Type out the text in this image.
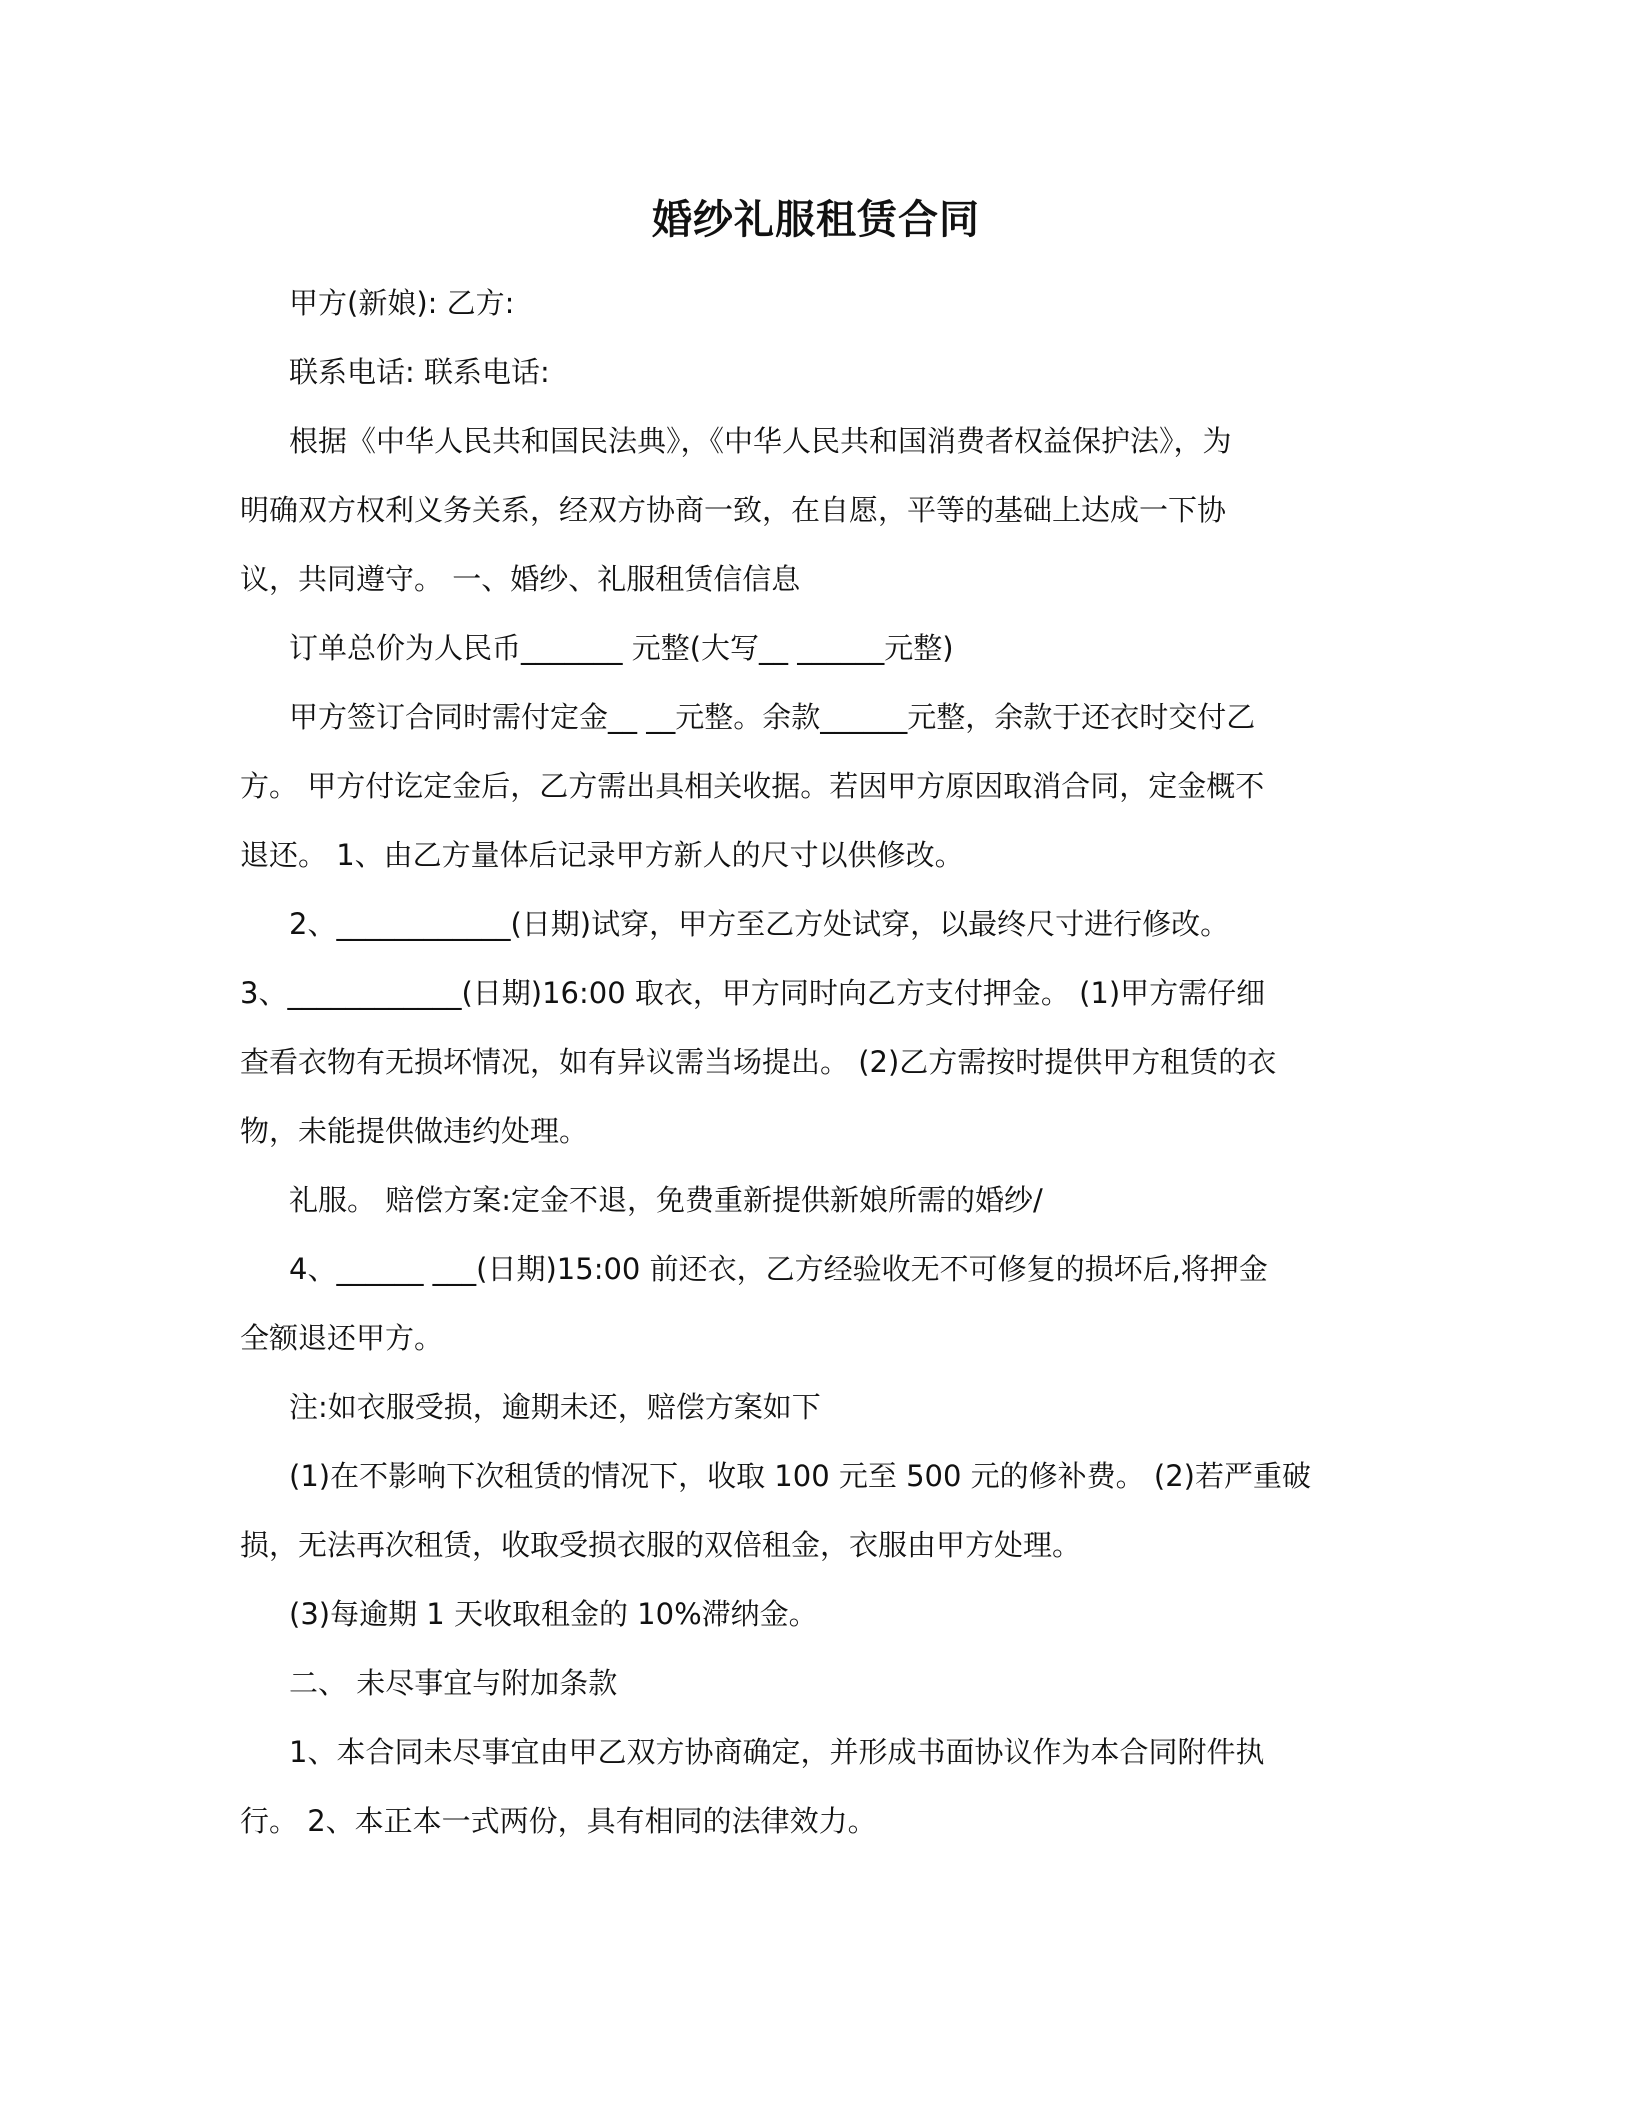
婚纱礼服租赁合同
甲方(新娘): 乙方:
联系电话: 联系电话:
根据《中华人民共和国民法典》，《中华人民共和国消费者权益保护法》，为
明确双方权利义务关系，经双方协商一致，在自愿，平等的基础上达成一下协
议，共同遵守。 一、婚纱、礼服租赁信信息
订单总价为人民币_______ 元整(大写__ ______元整)
甲方签订合同时需付定金__ __元整。余款______元整，余款于还衣时交付乙
方。 甲方付讫定金后，乙方需出具相关收据。若因甲方原因取消合同，定金概不
退还。 1、由乙方量体后记录甲方新人的尺寸以供修改。
2、____________(日期)试穿，甲方至乙方处试穿，以最终尺寸进行修改。
3、____________(日期)16:00 取衣，甲方同时向乙方支付押金。 (1)甲方需仔细
查看衣物有无损坏情况，如有异议需当场提出。 (2)乙方需按时提供甲方租赁的衣
物，未能提供做违约处理。
礼服。 赔偿方案:定金不退，免费重新提供新娘所需的婚纱/
4、______ ___(日期)15:00 前还衣，乙方经验收无不可修复的损坏后,将押金
全额退还甲方。
注:如衣服受损，逾期未还，赔偿方案如下
(1)在不影响下次租赁的情况下，收取 100 元至 500 元的修补费。 (2)若严重破
损，无法再次租赁，收取受损衣服的双倍租金，衣服由甲方处理。
(3)每逾期 1 天收取租金的 10%滞纳金。
二、 未尽事宜与附加条款
1、本合同未尽事宜由甲乙双方协商确定，并形成书面协议作为本合同附件执
行。 2、本正本一式两份，具有相同的法律效力。
